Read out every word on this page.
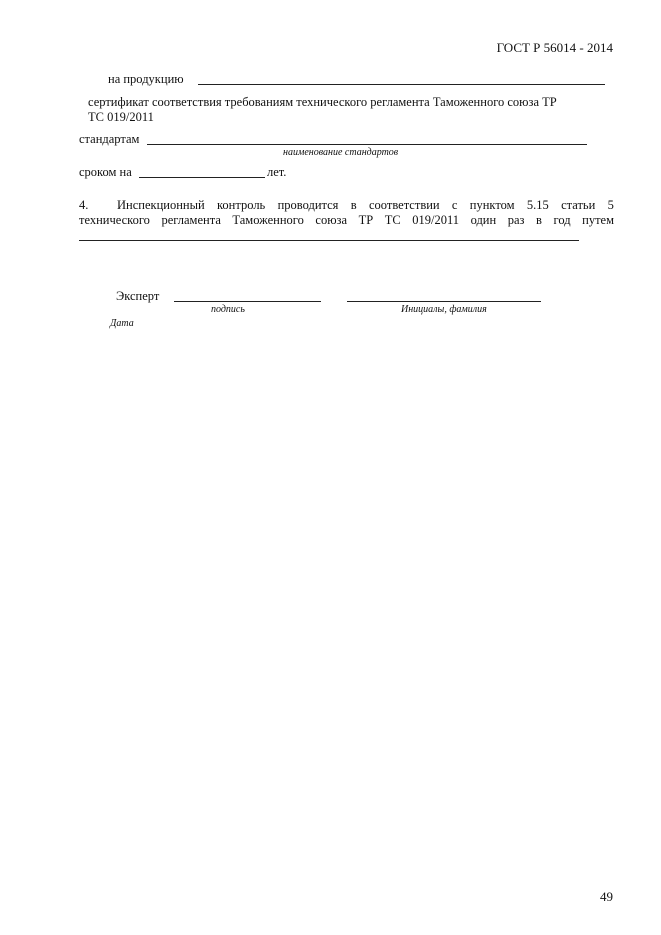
ГОСТ Р 56014 - 2014
на продукцию
сертификат соответствия требованиям технического регламента Таможенного союза ТР
ТС 019/2011
стандартам
наименование стандартов
сроком на	лет.
4. Инспекционный контроль проводится в соответствии с пунктом 5.15 статьи 5
технического регламента Таможенного союза ТР ТС 019/2011 один раз в год путем
Эксперт
подпись	Инициалы, фамилия
Дата
49
